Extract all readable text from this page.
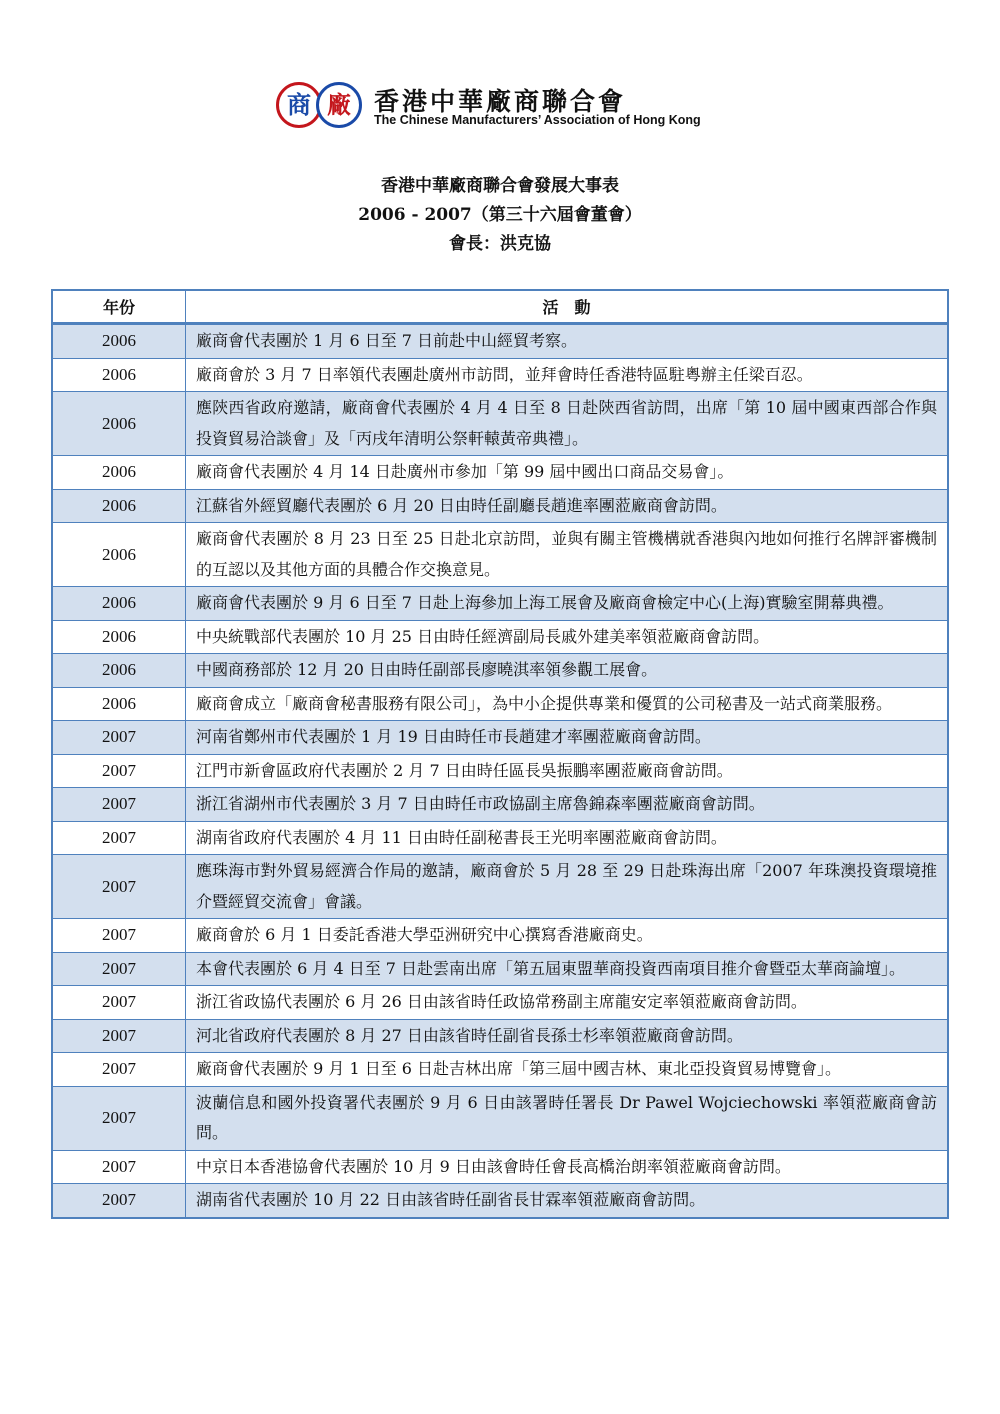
商 廠 香港中華廠商聯合會
The Chinese Manufacturers’ Association of Hong Kong
香港中華廠商聯合會發展大事表
2006 - 2007（第三十六屆會董會）
會長：洪克協
年份	活　動
2006	廠商會代表團於 1 月 6 日至 7 日前赴中山經貿考察。
2006	廠商會於 3 月 7 日率領代表團赴廣州市訪問，並拜會時任香港特區駐粵辦主任梁百忍。
2006	應陝西省政府邀請，廠商會代表團於 4 月 4 日至 8 日赴陝西省訪問，出席「第 10 屆中國東西部合作與投資貿易洽談會」及「丙戌年清明公祭軒轅黃帝典禮」。
2006	廠商會代表團於 4 月 14 日赴廣州市參加「第 99 屆中國出口商品交易會」。
2006	江蘇省外經貿廳代表團於 6 月 20 日由時任副廳長趙進率團蒞廠商會訪問。
2006	廠商會代表團於 8 月 23 日至 25 日赴北京訪問，並與有關主管機構就香港與內地如何推行名牌評審機制的互認以及其他方面的具體合作交換意見。
2006	廠商會代表團於 9 月 6 日至 7 日赴上海參加上海工展會及廠商會檢定中心(上海)實驗室開幕典禮。
2006	中央統戰部代表團於 10 月 25 日由時任經濟副局長戚外建美率領蒞廠商會訪問。
2006	中國商務部於 12 月 20 日由時任副部長廖曉淇率領參觀工展會。
2006	廠商會成立「廠商會秘書服務有限公司」，為中小企提供專業和優質的公司秘書及一站式商業服務。
2007	河南省鄭州市代表團於 1 月 19 日由時任市長趙建才率團蒞廠商會訪問。
2007	江門市新會區政府代表團於 2 月 7 日由時任區長吳振鵬率團蒞廠商會訪問。
2007	浙江省湖州市代表團於 3 月 7 日由時任市政協副主席魯錦森率團蒞廠商會訪問。
2007	湖南省政府代表團於 4 月 11 日由時任副秘書長王光明率團蒞廠商會訪問。
2007	應珠海市對外貿易經濟合作局的邀請，廠商會於 5 月 28 至 29 日赴珠海出席「2007 年珠澳投資環境推介暨經貿交流會」會議。
2007	廠商會於 6 月 1 日委託香港大學亞洲研究中心撰寫香港廠商史。
2007	本會代表團於 6 月 4 日至 7 日赴雲南出席「第五屆東盟華商投資西南項目推介會暨亞太華商論壇」。
2007	浙江省政協代表團於 6 月 26 日由該省時任政協常務副主席龍安定率領蒞廠商會訪問。
2007	河北省政府代表團於 8 月 27 日由該省時任副省長孫士杉率領蒞廠商會訪問。
2007	廠商會代表團於 9 月 1 日至 6 日赴吉林出席「第三屆中國吉林、東北亞投資貿易博覽會」。
2007	波蘭信息和國外投資署代表團於 9 月 6 日由該署時任署長 Dr Pawel Wojciechowski 率領蒞廠商會訪問。
2007	中京日本香港協會代表團於 10 月 9 日由該會時任會長高橋治朗率領蒞廠商會訪問。
2007	湖南省代表團於 10 月 22 日由該省時任副省長甘霖率領蒞廠商會訪問。
